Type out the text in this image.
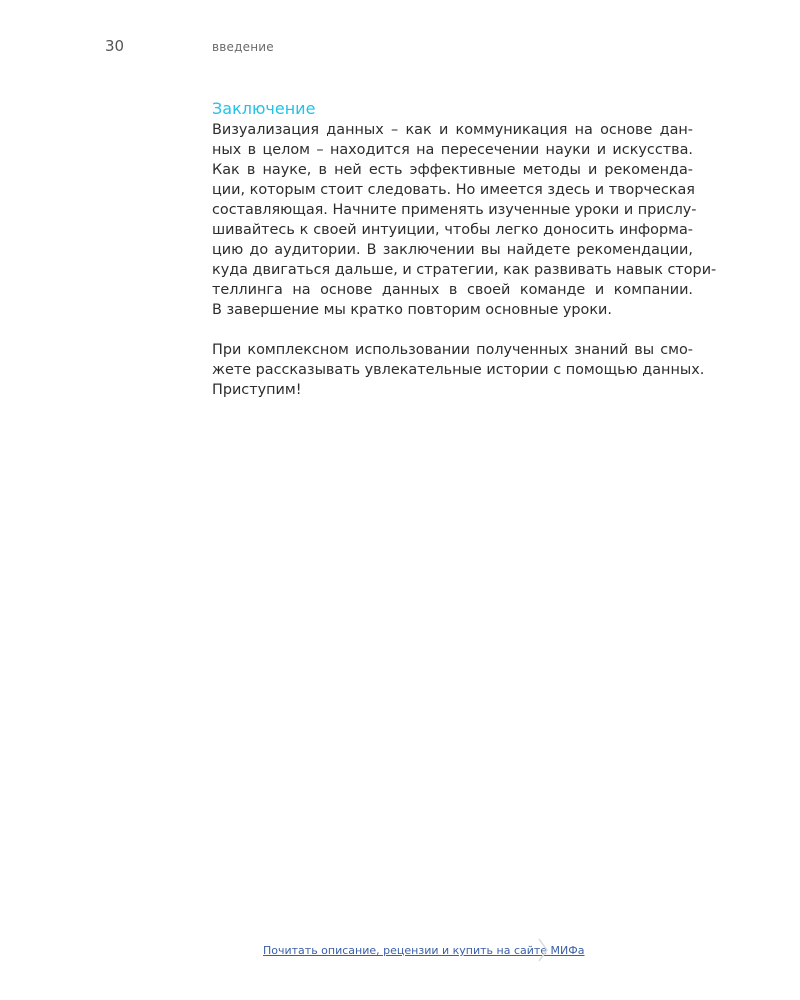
30	введение
Заключение

Визуализация данных – как и коммуникация на основе дан-
ных в целом – находится на пересечении науки и искусства.
Как в науке, в ней есть эффективные методы и рекоменда-
ции, которым стоит следовать. Но имеется здесь и творческая
составляющая. Начните применять изученные уроки и прислу-
шивайтесь к своей интуиции, чтобы легко доносить информа-
цию до аудитории. В заключении вы найдете рекомендации,
куда двигаться дальше, и стратегии, как развивать навык стори-
теллинга на основе данных в своей команде и компании.
В завершение мы кратко повторим основные уроки.

При комплексном использовании полученных знаний вы смо-
жете рассказывать увлекательные истории с помощью данных.
Приступим!

Почитать описание, рецензии и купить на сайте МИФа
